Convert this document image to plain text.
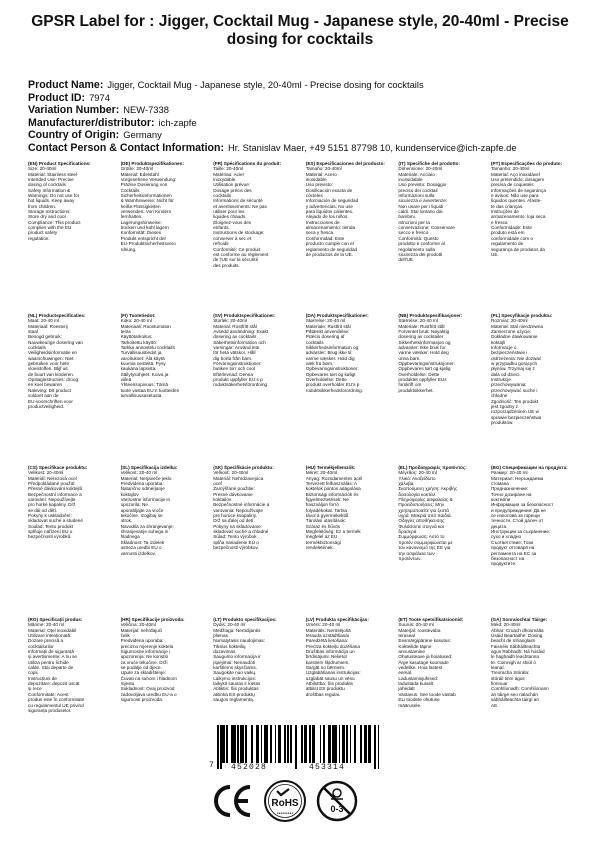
GPSR Label for : Jigger, Cocktail Mug - Japanese style, 20-40ml - Precise dosing for cocktails
Product Name: Jigger, Cocktail Mug - Japanese style, 20-40ml - Precise dosing for cocktails
Product ID: 7974
Variation Number: NEW-7338
Manufacturer/distributor: ich-zapfe
Country of Origin: Germany
Contact Person & Contact Information: Hr. Stanislav Maer, +49 5151 87798 10, kundenservice@ich-zapfe.de
(EN) Product Specifications:
Size: 20-40ml
Material: Stainless steel
Intended Use: Precise
dosing of cocktails
Safety Information &
Warnings: Do not use for
hot liquids. Keep away
from children.
Storage Instructions:
Store dry and cool
Compliance: This product
complies with the EU
product safety
regulation.
(DE) Produktspezifikationen:
Größe: 20-40ml
Material: Edelstahl
Vorgesehene Verwendung:
Präzise Dosierung von
Cocktails
Sicherheitsinformationen
& Warnhinweise: Nicht für
heiße Flüssigkeiten
verwenden. Von Kindern
fernhalten.
Lagerungshinweise:
trocken und kühl lagern
Konformität: Dieses
Produkt entspricht der
EU-Produktsicherheitsvero
rdnung.
(FR) Spécifications du produit:
Taille: 20-40ml
Matériau: Acier
inoxydable
Utilisation prévue:
Dosage précis des
cocktails
Informations de sécurité
et avertissements: Ne pas
utiliser pour les
liquides chauds.
Éloignez-vous des
enfants.
Instructions de stockage:
conserver à sec et
refroidir
Conformité: Ce produit
est conforme au règlement
de l'UE sur la sécurité
des produits.
(ES) Especificaciones del producto:
Tamaño: 20-40ml
Material: Acero
inoxidable
Uso previsto:
Dosificación exacta de
cócteles
Información de seguridad
y advertencias: No use
para líquidos calientes.
Alejado de los niños.
Instrucciones de
almacenamiento: tienda
seca y fresca
Conformidad: Este
producto cumple con el
reglamento de seguridad
de productos de la UE.
(IT) Specifiche del prodotto:
Dimensione: 20-40ml
Materiale: Acciaio
inossidabile
Uso previsto: Dosaggio
preciso dei cocktail
Informazioni sulla
sicurezza e avvertenze:
Non usare per i liquidi
caldi. Stai lontano dai
bambini.
Istruzioni per la
conservazione: Conservare
secco e fresco
Conformità: Questo
prodotto è conforme al
regolamento sulla
sicurezza dei prodotti
dell'UE.
(PT) Especificações do produto:
Tamanho: 20-40ml
Material: Aço inoxidável
Uso pretendido: dosagem
precisa de coquetéis
Informações de segurança
e avisos: Não use para
líquidos quentes. Afaste-
te das crianças.
Instruções de
armazenamento: loja seca
e fresca
Conformidade: Este
produto está em
conformidade com o
regulamento de
segurança de produtos da
UE.
(NL) Productspecificaties:
Maat: 20-40 ml
Materiaal: Roestvrij
staal
Beoogd gebruik:
Nauwkeurige dosering van
cocktails
Veiligheidsinformatie en
waarschuwingen: Niet
gebruiken voor hete
vloeistoffen. Blijf uit
de buurt van kinderen.
Opslaginstructies: droog
en koel bewaren
Naleving: Dit product
voldoet aan de
EU-voorschriften voor
productveiligheid.
(FI) Tuotetiedot:
Koko: 20-40 ml
Materiaali: Ruostumaton
teräs
Käyttötarkoitus:
Tarkoitettu käyttö:
Tarkka annostelu cocktailit
Turvallisuustiedot ja
varoitukset: Älä käytä
kuumia nesteitä. Pysy
kaukana lapsista.
Säilytysohjeet: Kuiva ja
viileä
Yhteensopivuus: Tämä
tuote vastaa EU:n tuotteiden
turvallisuusasetusta.
(SV) Produktspecifikationer:
Storlek: 20-40ml
Material: Rostfritt stål
Avsedd användning: Exakt
dosering av cocktails
Säkerhetsinformation och
varningar: Använd inte
för heta vätskor. Håll
dig borta från barn.
Förvaringsinstruktioner:
butiken torr och cool
Efterlevnad: Denna
produkt uppfyller EU:s p
roduktsäkerhetsförordning.
(DA) Produktspecifikationer:
Størrelse: 20-40 ml
Materiale: Rustfrit stål
Påtænkt anvendelse:
Præcis dosering af
cocktails
Sikkerhedsinformation og
advarsler: Brug ikke til
varme væsker. Hold dig
væk fra børn.
Opbevaringsinstruktioner:
Opbevares tørt og køligt
Overholdelse: Dette
produkt overholder EU's p
roduktsikkerhedsforordning.
(NB) Produktspesifikasjoner:
Størrelse: 20-40 ml
Materiale: Rustfritt stål
Forventet bruk: Nøyaktig
dosering av cocktailer
Sikkerhetsinformasjon og
advarsler: Ikke bruk for
varme væsker. Hold deg
unna barn.
Oppbevaringsinstruksjoner:
Oppbevares tørt og kjølig
Overholdelse: Dette
produktet oppfyller EUs
forskrift om
produktsikkerhet.
(PL) Specyfikacje produktu:
Rozmiar: 20-40ml
Materiał: Stal nierdzewna
Zamierzone użycie:
Dokładne dawkowanie
koktajli
Informacje o
bezpieczeństwie i
ostrzeżenia: Nie dozwać
w przypadku gorących
płynów. Trzymaj się z
dala od dzieci.
Instrukcje
przechowywania:
przechowywać suche i
chłodne
Zgodność: Ten produkt
jest zgodny z
rozporządzeniem UE w
sprawie bezpieczeństwa
produktów.
(CS) Specifikace produktu:
Velikost: 20-40ml
Materiál: Nerezová ocel
Předpokládané použití:
Přesné dávkování koktejlů
Bezpečnostní informace a
varování: Nepoužívejte
pro horké kapaliny. Drž
se dál od dětí.
Pokyny k uskladnění:
skladovat suché a studené
Soulad: Tento produkt
splňuje nařízení EU o
bezpečnosti výrobků.
(SL) Specifikacija izdelka:
Velikost: 20-40 ml
Material: Nerjaveče jeklo
Predvidena uporaba:
Natančno odmerjanje
koktajlov
Varnostne informacije in
opozorila: Ne
uporabljajte za vroče
tekočine. Izogibaj se
otrok.
Navodila za shranjevanje:
shranjevanje suhega in
hladnega
Skladnost: Ta izdelek
ustreza uredbi EU o
varnosti izdelkov.
(SK) Špecifikácie produktu:
Veľkosť: 20-40ml
Materiál: Nehrdzavejúca
oceľ
Zamýšľané použitie:
Presné dávkovanie
koktailov
Bezpečnostné informácie a
varovania: Nepoužívajte
pre horúce kvapaliny.
Drž sa ďalej od detí.
Pokyny na skladovanie:
skladovať suché a chladné
Súlad: Tento výrobok
spĺňa nariadenie EÚ o
bezpečnosti výrobkov.
(HU) Termékjellemzők:
Méret: 20-40ml
Anyag: Rozsdamentes acél
Tervezett felhasználás: A
koktélok pontos adagolása
Biztonsági információk és
figyelmeztetések: Ne
használjon forró
folyadékokat. Tartsa
távol a gyermekektől.
Tárolási utasítások:
Száraz és hűvös
Megfelelőség: Ez a termék
megfelel az EU
termékbiztonsági
rendeletének.
(EL) Προδιαγραφές προϊόντος:
Μέγεθος: 20-40 ml
Υλικό: Ανοξείδωτο
χάλυβα
Σκοπούμενη χρήση: Ακριβής
δοσολογία κοκτέιλ
Πληροφορίες ασφαλείας &
Προειδοποιήσεις: Μην
χρησιμοποιείτε για ζεστά
υγρά. Μακριά από παιδιά.
Οδηγίες αποθήκευσης:
Φυλάσσετε στεγνά και
δροσερά
Συμμόρφωση: Αυτό το
προϊόν συμμορφώνεται με
τον κανονισμό της ΕΕ για
την ασφάλεια των
προϊόντων.
(BG) Спецификации на продукта:
Размер: 20-40 ml
Материал: Неръждаема
стомана
Предназначение:
Точно дозиране на
коктейли
Информация за безопасност
и предупреждения: Да не
се използва за горещи
течности. Стой далеч от
децата.
Инструкции за съхранение:
сухо и хладно
Съответствие: Този
продукт отговаря на
регламента на ЕС за
безопасност на
продуктите.
(RO) Specificații produs:
Mărime: 20-40 ml
Material: Oțel inoxidabil
Utilizare intenționată:
Dozare precisă a
cocktailurilor
Informații de siguranță
și avertismente: A nu se
utiliza pentru lichide
calde. Stai departe de
copii.
Instrucțiuni de
depozitare: depozit uscat
și rece
Conformitate: Acest
produs este în conformitate
cu regulamentul UE privind
siguranța produselor.
(HR) Specifikacije proizvoda:
Veličina: 20-40ml
Materijal: nehrđajući
čelik
Predviđena uporaba:
precizno mjerenje koktela
Sigurnosne informacije i
upozorenja: Ne koristiti
za vruće tekućine. Drži
se podalje od djece.
Upute za skladištenje:
Čuvati na suhom i hladnom
mjestu
Sukladnost: Ovaj proizvod
zadovoljava uredbu EU-a o
sigurnosti proizvoda.
(LT) Produkto specifikacijos:
Dydis: 20-40 ml
Medžiaga: Nerūdijantis
plienas
Numatytasis naudojimas:
Tikslus kokteilių
dozavimas
Saugumo informacija ir
įspėjimai: Nenaudoti
karštiems skysčiams.
Saugokite nuo vaikų.
Laikymo instrukcijos:
laikykit sausas ir kietas
Atitiktis: Šis produktas
atitinka ES produktų
saugos reglamentą.
(LV) Produkta specifikācijas:
Izmērs: 20-40 ml
Materiāls: Nerūsējošā
tērauda uzstādīšanai
Paredzētā lietošana:
Precīza kokteiļu dozēšana
Drošības informācija un
brīdinājumi: Nelietot
karstiem šķidrumiem.
Sargāt no bērniem.
Uzglabāšanas instrukcijas:
uzglabāt sausu un vēsu
Atbilstība: Šis produkts
atbilst ES produktu
drošības regulai.
(ET) Toote spetsifikatsioonid:
Suurus: 20-40 ml
Materjal: roostevaba
teraseal
Eesmärgipärane kasutus:
Kokteilide täpne
annustamine
Ohutusteave ja hoiatused:
Ärge kasutage kuumade
vedelike. Hoia lastest
eemal.
Ladustamisjuhised:
ladustada kuivalt
jahedalt
Vastavus: See toode vastab
ELi toodete ohutuse
määrusele.
(GA) Sonraíochtaí Táirge:
Méid: 20-40ml
Ábhar: Cruach dhosmálta
Úsáid Beartaithe: Dosing
beacht de mhanglaim
Faisnéis Sábháilteachta
agus Rabhadh: Ná húsáid
le haghaidh leachtanna
te. Coinnigh ar shiúl ó
leanaí.
Treoracha Stórála:
stóráil tirim agus
fionnuar
Comhlíonadh: Comhlíonann
an táirge seo rialachán
sábháilteachta táirgí an
AE.
7 452028	453314
RoHS
●●●●●●●●●	0-3
